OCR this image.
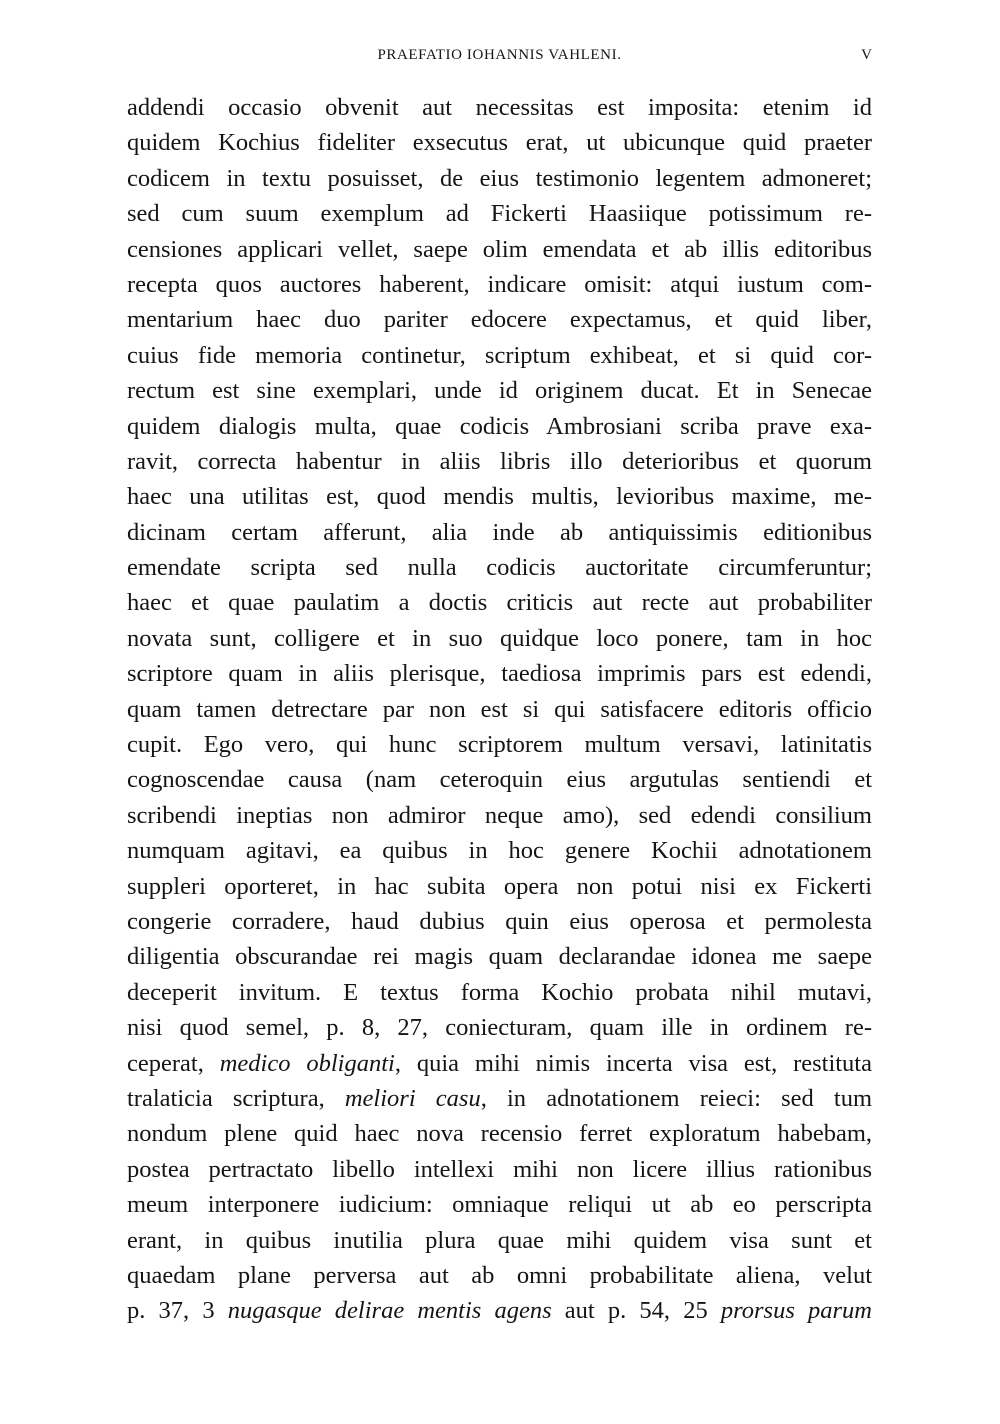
PRAEFATIO IOHANNIS VAHLENI.	V
addendi occasio obvenit aut necessitas est imposita: etenim id
quidem Kochius fideliter exsecutus erat, ut ubicunque quid praeter
codicem in textu posuisset, de eius testimonio legentem admoneret;
sed cum suum exemplum ad Fickerti Haasiique potissimum re-
censiones applicari vellet, saepe olim emendata et ab illis editoribus
recepta quos auctores haberent, indicare omisit: atqui iustum com-
mentarium haec duo pariter edocere expectamus, et quid liber,
cuius fide memoria continetur, scriptum exhibeat, et si quid cor-
rectum est sine exemplari, unde id originem ducat. Et in Senecae
quidem dialogis multa, quae codicis Ambrosiani scriba prave exa-
ravit, correcta habentur in aliis libris illo deterioribus et quorum
haec una utilitas est, quod mendis multis, levioribus maxime, me-
dicinam certam afferunt, alia inde ab antiquissimis editionibus
emendate scripta sed nulla codicis auctoritate circumferuntur;
haec et quae paulatim a doctis criticis aut recte aut probabiliter
novata sunt, colligere et in suo quidque loco ponere, tam in hoc
scriptore quam in aliis plerisque, taediosa imprimis pars est edendi,
quam tamen detrectare par non est si qui satisfacere editoris officio
cupit. Ego vero, qui hunc scriptorem multum versavi, latinitatis
cognoscendae causa (nam ceteroquin eius argutulas sentiendi et
scribendi ineptias non admiror neque amo), sed edendi consilium
numquam agitavi, ea quibus in hoc genere Kochii adnotationem
suppleri oporteret, in hac subita opera non potui nisi ex Fickerti
congerie corradere, haud dubius quin eius operosa et permolesta
diligentia obscurandae rei magis quam declarandae idonea me saepe
deceperit invitum. E textus forma Kochio probata nihil mutavi,
nisi quod semel, p. 8, 27, coniecturam, quam ille in ordinem re-
ceperat, medico obliganti, quia mihi nimis incerta visa est, restituta
tralaticia scriptura, meliori casu, in adnotationem reieci: sed tum
nondum plene quid haec nova recensio ferret exploratum habebam,
postea pertractato libello intellexi mihi non licere illius rationibus
meum interponere iudicium: omniaque reliqui ut ab eo perscripta
erant, in quibus inutilia plura quae mihi quidem visa sunt et
quaedam plane perversa aut ab omni probabilitate aliena, velut
p. 37, 3 nugasque delirae mentis agens aut p. 54, 25 prorsus parum
